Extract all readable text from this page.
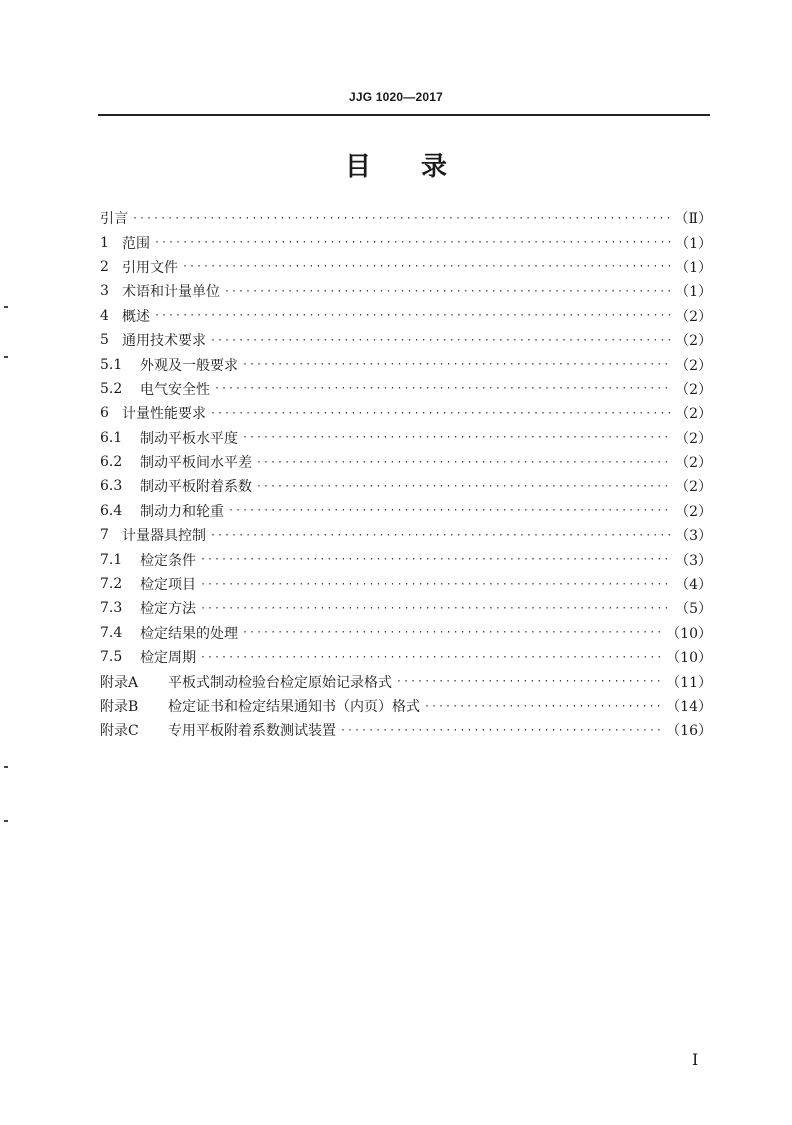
JJG 1020—2017
目录
引言 ·····	（Ⅱ）
1 范围 ·····	（1）
2 引用文件 ·····	（1）
3 术语和计量单位 ·····	（1）
4 概述 ·····	（2）
5 通用技术要求 ·····	（2）
5.1	外观及一般要求 ·····	（2）
5.2	电气安全性 ·····	（2）
6 计量性能要求 ·····	（2）
6.1	制动平板水平度 ·····	（2）
6.2	制动平板间水平差 ·····	（2）
6.3	制动平板附着系数 ·····	（2）
6.4	制动力和轮重 ·····	（2）
7 计量器具控制 ·····	（3）
7.1	检定条件 ·····	（3）
7.2	检定项目 ·····	（4）
7.3	检定方法 ·····	（5）
7.4	检定结果的处理 ·····	（10）
7.5	检定周期 ·····	（10）
附录A	平板式制动检验台检定原始记录格式 ·····	（11）
附录B	检定证书和检定结果通知书（内页）格式 ·····	（14）
附录C	专用平板附着系数测试装置 ·····	（16）
I
